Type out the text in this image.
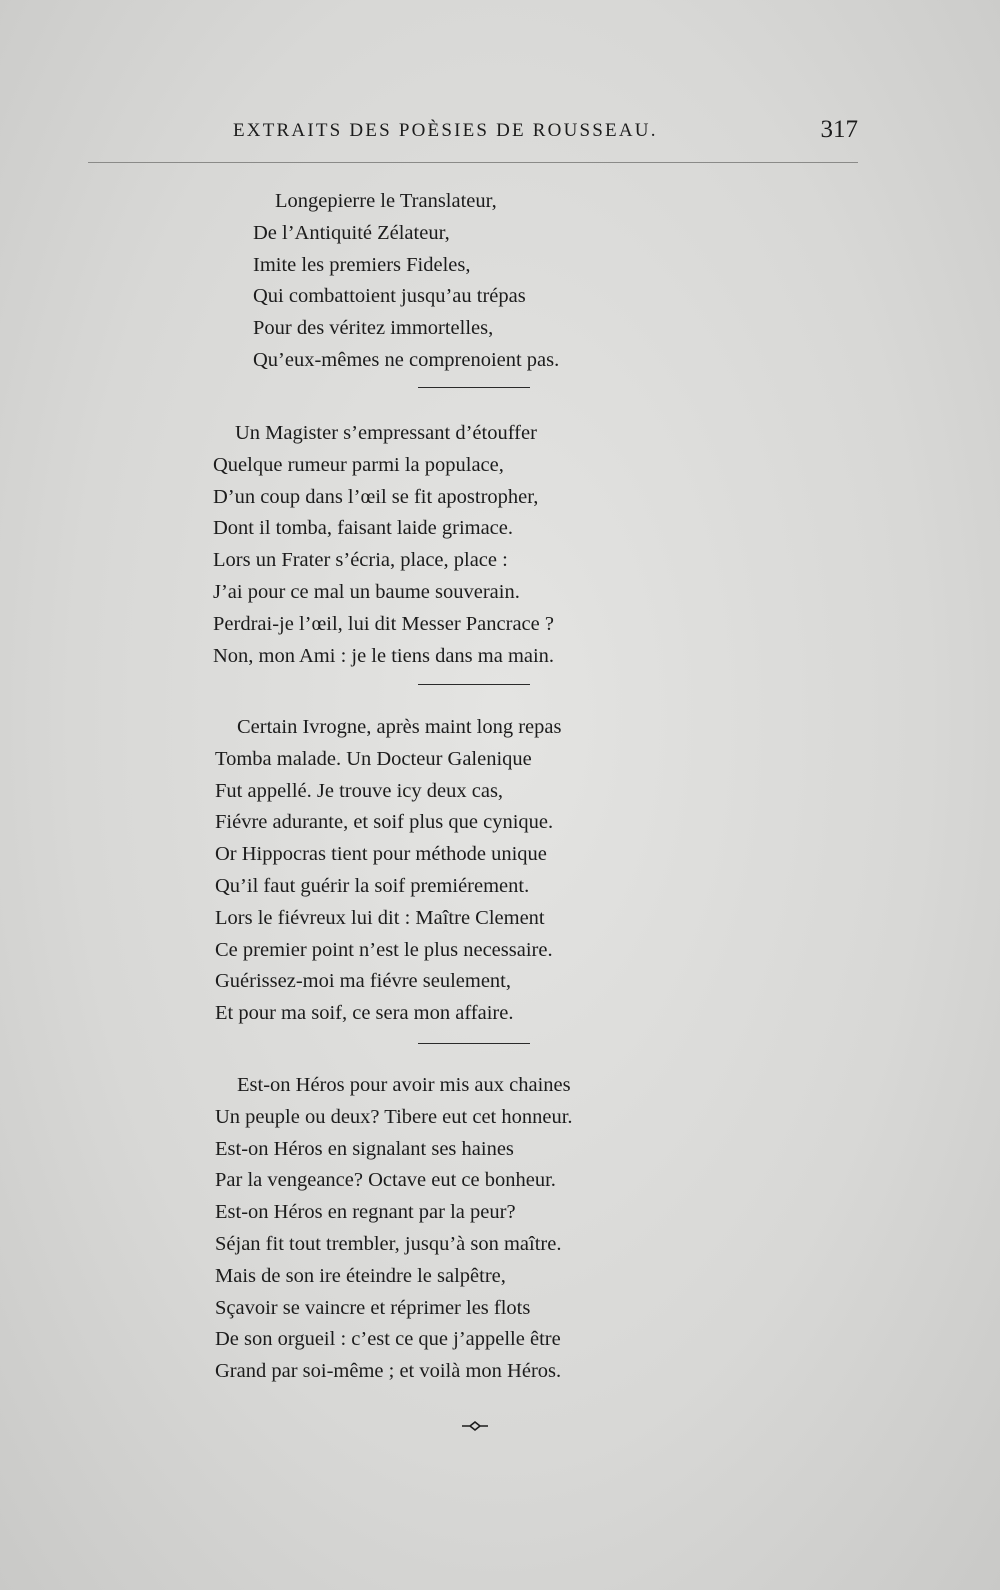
EXTRAITS DES POÈSIES DE ROUSSEAU.	317
Longepierre le Translateur,
De l’Antiquité Zélateur,
Imite les premiers Fideles,
Qui combattoient jusqu’au trépas
Pour des véritez immortelles,
Qu’eux-mêmes ne comprenoient pas.
Un Magister s’empressant d’étouffer
Quelque rumeur parmi la populace,
D’un coup dans l’œil se fit apostropher,
Dont il tomba, faisant laide grimace.
Lors un Frater s’écria, place, place :
J’ai pour ce mal un baume souverain.
Perdrai-je l’œil, lui dit Messer Pancrace ?
Non, mon Ami : je le tiens dans ma main.
Certain Ivrogne, après maint long repas
Tomba malade. Un Docteur Galenique
Fut appellé. Je trouve icy deux cas,
Fiévre adurante, et soif plus que cynique.
Or Hippocras tient pour méthode unique
Qu’il faut guérir la soif premiérement.
Lors le fiévreux lui dit : Maître Clement
Ce premier point n’est le plus necessaire.
Guérissez-moi ma fiévre seulement,
Et pour ma soif, ce sera mon affaire.
Est-on Héros pour avoir mis aux chaines
Un peuple ou deux? Tibere eut cet honneur.
Est-on Héros en signalant ses haines
Par la vengeance? Octave eut ce bonheur.
Est-on Héros en regnant par la peur?
Séjan fit tout trembler, jusqu’à son maître.
Mais de son ire éteindre le salpêtre,
Sçavoir se vaincre et réprimer les flots
De son orgueil : c’est ce que j’appelle être
Grand par soi-même ; et voilà mon Héros.
